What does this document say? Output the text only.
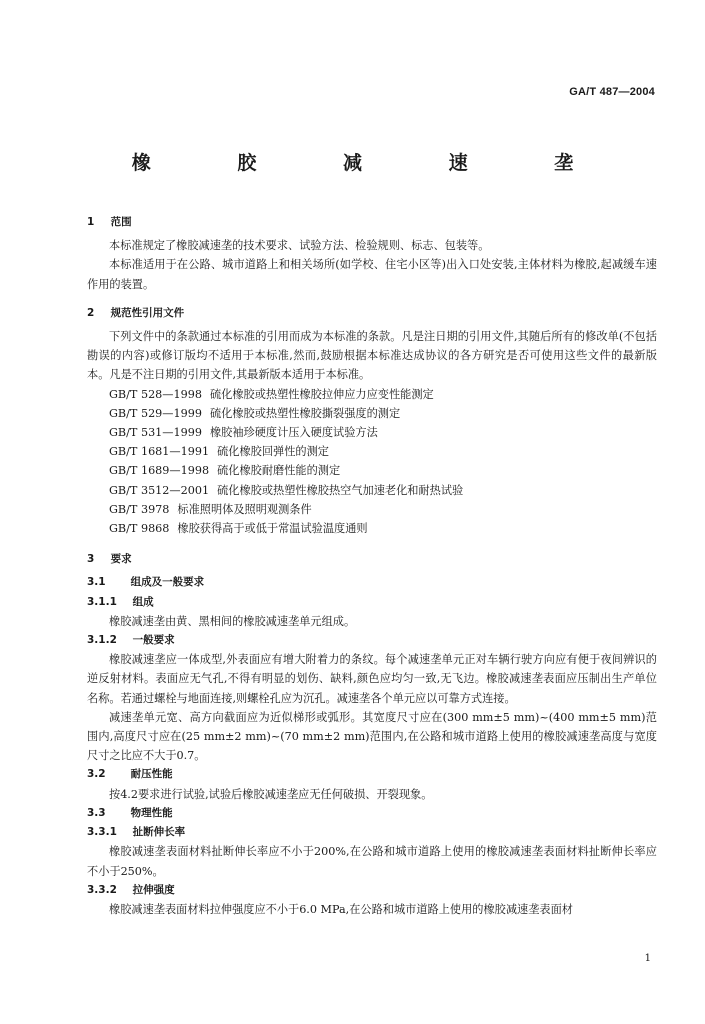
GA/T 487—2004
橡 胶 减 速 垄
1 范围
本标准规定了橡胶减速垄的技术要求、试验方法、检验规则、标志、包装等。
本标准适用于在公路、城市道路上和相关场所(如学校、住宅小区等)出入口处安装,主体材料为橡胶,起减缓车速作用的装置。
2 规范性引用文件
下列文件中的条款通过本标准的引用而成为本标准的条款。凡是注日期的引用文件,其随后所有的修改单(不包括勘误的内容)或修订版均不适用于本标准,然而,鼓励根据本标准达成协议的各方研究是否可使用这些文件的最新版本。凡是不注日期的引用文件,其最新版本适用于本标准。
GB/T 528—1998 硫化橡胶或热塑性橡胶拉伸应力应变性能测定
GB/T 529—1999 硫化橡胶或热塑性橡胶撕裂强度的测定
GB/T 531—1999 橡胶袖珍硬度计压入硬度试验方法
GB/T 1681—1991 硫化橡胶回弹性的测定
GB/T 1689—1998 硫化橡胶耐磨性能的测定
GB/T 3512—2001 硫化橡胶或热塑性橡胶热空气加速老化和耐热试验
GB/T 3978 标准照明体及照明观测条件
GB/T 9868 橡胶获得高于或低于常温试验温度通则
3 要求
3.1 组成及一般要求
3.1.1 组成
橡胶减速垄由黄、黑相间的橡胶减速垄单元组成。
3.1.2 一般要求
橡胶减速垄应一体成型,外表面应有增大附着力的条纹。每个减速垄单元正对车辆行驶方向应有便于夜间辨识的逆反射材料。表面应无气孔,不得有明显的划伤、缺料,颜色应均匀一致,无飞边。橡胶减速垄表面应压制出生产单位名称。若通过螺栓与地面连接,则螺栓孔应为沉孔。减速垄各个单元应以可靠方式连接。
减速垄单元宽、高方向截面应为近似梯形或弧形。其宽度尺寸应在(300 mm±5 mm)~(400 mm±5 mm)范围内,高度尺寸应在(25 mm±2 mm)~(70 mm±2 mm)范围内,在公路和城市道路上使用的橡胶减速垄高度与宽度尺寸之比应不大于0.7。
3.2 耐压性能
按4.2要求进行试验,试验后橡胶减速垄应无任何破损、开裂现象。
3.3 物理性能
3.3.1 扯断伸长率
橡胶减速垄表面材料扯断伸长率应不小于200%,在公路和城市道路上使用的橡胶减速垄表面材料扯断伸长率应不小于250%。
3.3.2 拉伸强度
橡胶减速垄表面材料拉伸强度应不小于6.0 MPa,在公路和城市道路上使用的橡胶减速垄表面材
1
